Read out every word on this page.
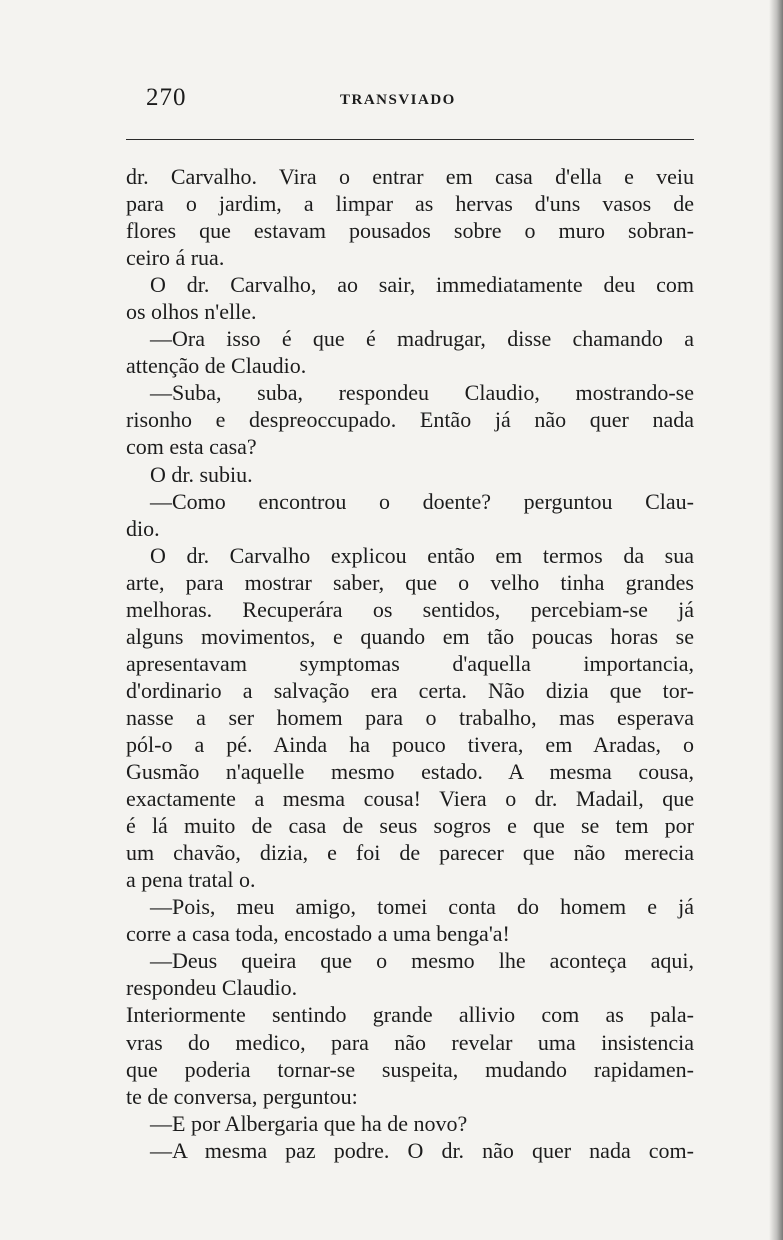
270	TRANSVIADO
dr. Carvalho. Vira o entrar em casa d'ella e veiu
para o jardim, a limpar as hervas d'uns vasos de
flores que estavam pousados sobre o muro sobran-
ceiro á rua.
O dr. Carvalho, ao sair, immediatamente deu com
os olhos n'elle.
—Ora isso é que é madrugar, disse chamando a
attenção de Claudio.
—Suba, suba, respondeu Claudio, mostrando-se
risonho e despreoccupado. Então já não quer nada
com esta casa?
O dr. subiu.
—Como encontrou o doente? perguntou Clau-
dio.
O dr. Carvalho explicou então em termos da sua
arte, para mostrar saber, que o velho tinha grandes
melhoras. Recuperára os sentidos, percebiam-se já
alguns movimentos, e quando em tão poucas horas se
apresentavam symptomas d'aquella importancia,
d'ordinario a salvação era certa. Não dizia que tor-
nasse a ser homem para o trabalho, mas esperava
pól-o a pé. Ainda ha pouco tivera, em Aradas, o
Gusmão n'aquelle mesmo estado. A mesma cousa,
exactamente a mesma cousa! Viera o dr. Madail, que
é lá muito de casa de seus sogros e que se tem por
um chavão, dizia, e foi de parecer que não merecia
a pena tratal o.
—Pois, meu amigo, tomei conta do homem e já
corre a casa toda, encostado a uma benga'a!
—Deus queira que o mesmo lhe aconteça aqui,
respondeu Claudio.
Interiormente sentindo grande allivio com as pala-
vras do medico, para não revelar uma insistencia
que poderia tornar-se suspeita, mudando rapidamen-
te de conversa, perguntou:
—E por Albergaria que ha de novo?
—A mesma paz podre. O dr. não quer nada com-
